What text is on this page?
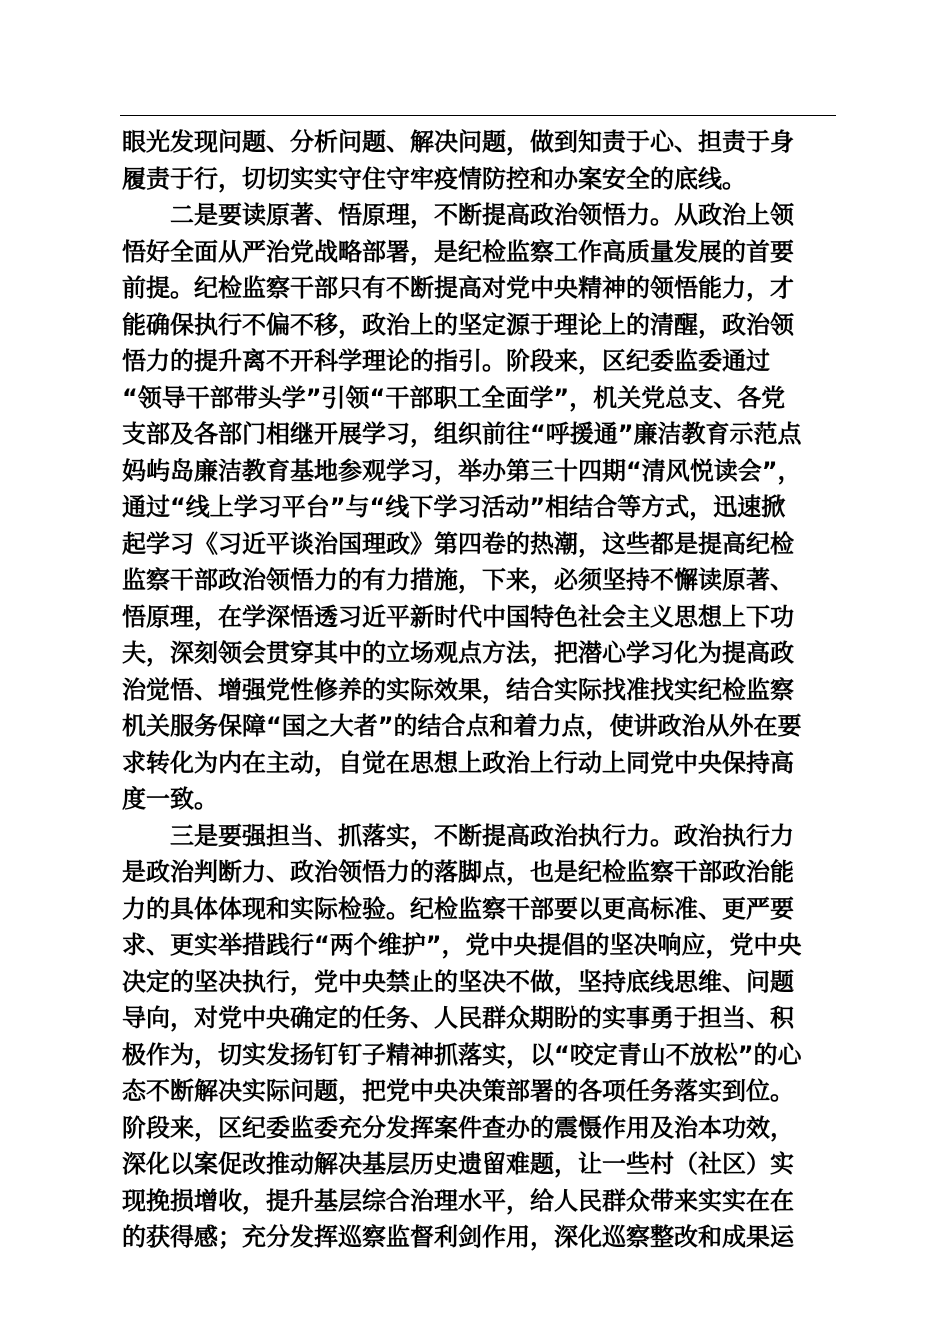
眼光发现问题、分析问题、解决问题，做到知责于心、担责于身
履责于行，切切实实守住守牢疫情防控和办案安全的底线。
二是要读原著、悟原理，不断提高政治领悟力。从政治上领
悟好全面从严治党战略部署，是纪检监察工作高质量发展的首要
前提。纪检监察干部只有不断提高对党中央精神的领悟能力，才
能确保执行不偏不移，政治上的坚定源于理论上的清醒，政治领
悟力的提升离不开科学理论的指引。阶段来，区纪委监委通过
“领导干部带头学”引领“干部职工全面学”，机关党总支、各党
支部及各部门相继开展学习，组织前往“呼援通”廉洁教育示范点
妈屿岛廉洁教育基地参观学习，举办第三十四期“清风悦读会”，
通过“线上学习平台”与“线下学习活动”相结合等方式，迅速掀
起学习《习近平谈治国理政》第四卷的热潮，这些都是提高纪检
监察干部政治领悟力的有力措施，下来，必须坚持不懈读原著、
悟原理，在学深悟透习近平新时代中国特色社会主义思想上下功
夫，深刻领会贯穿其中的立场观点方法，把潜心学习化为提高政
治觉悟、增强党性修养的实际效果，结合实际找准找实纪检监察
机关服务保障“国之大者”的结合点和着力点，使讲政治从外在要
求转化为内在主动，自觉在思想上政治上行动上同党中央保持高
度一致。
三是要强担当、抓落实，不断提高政治执行力。政治执行力
是政治判断力、政治领悟力的落脚点，也是纪检监察干部政治能
力的具体体现和实际检验。纪检监察干部要以更高标准、更严要
求、更实举措践行“两个维护”，党中央提倡的坚决响应，党中央
决定的坚决执行，党中央禁止的坚决不做，坚持底线思维、问题
导向，对党中央确定的任务、人民群众期盼的实事勇于担当、积
极作为，切实发扬钉钉子精神抓落实，以“咬定青山不放松”的心
态不断解决实际问题，把党中央决策部署的各项任务落实到位。
阶段来，区纪委监委充分发挥案件查办的震慑作用及治本功效，
深化以案促改推动解决基层历史遗留难题，让一些村（社区）实
现挽损增收，提升基层综合治理水平，给人民群众带来实实在在
的获得感；充分发挥巡察监督利剑作用，深化巡察整改和成果运
